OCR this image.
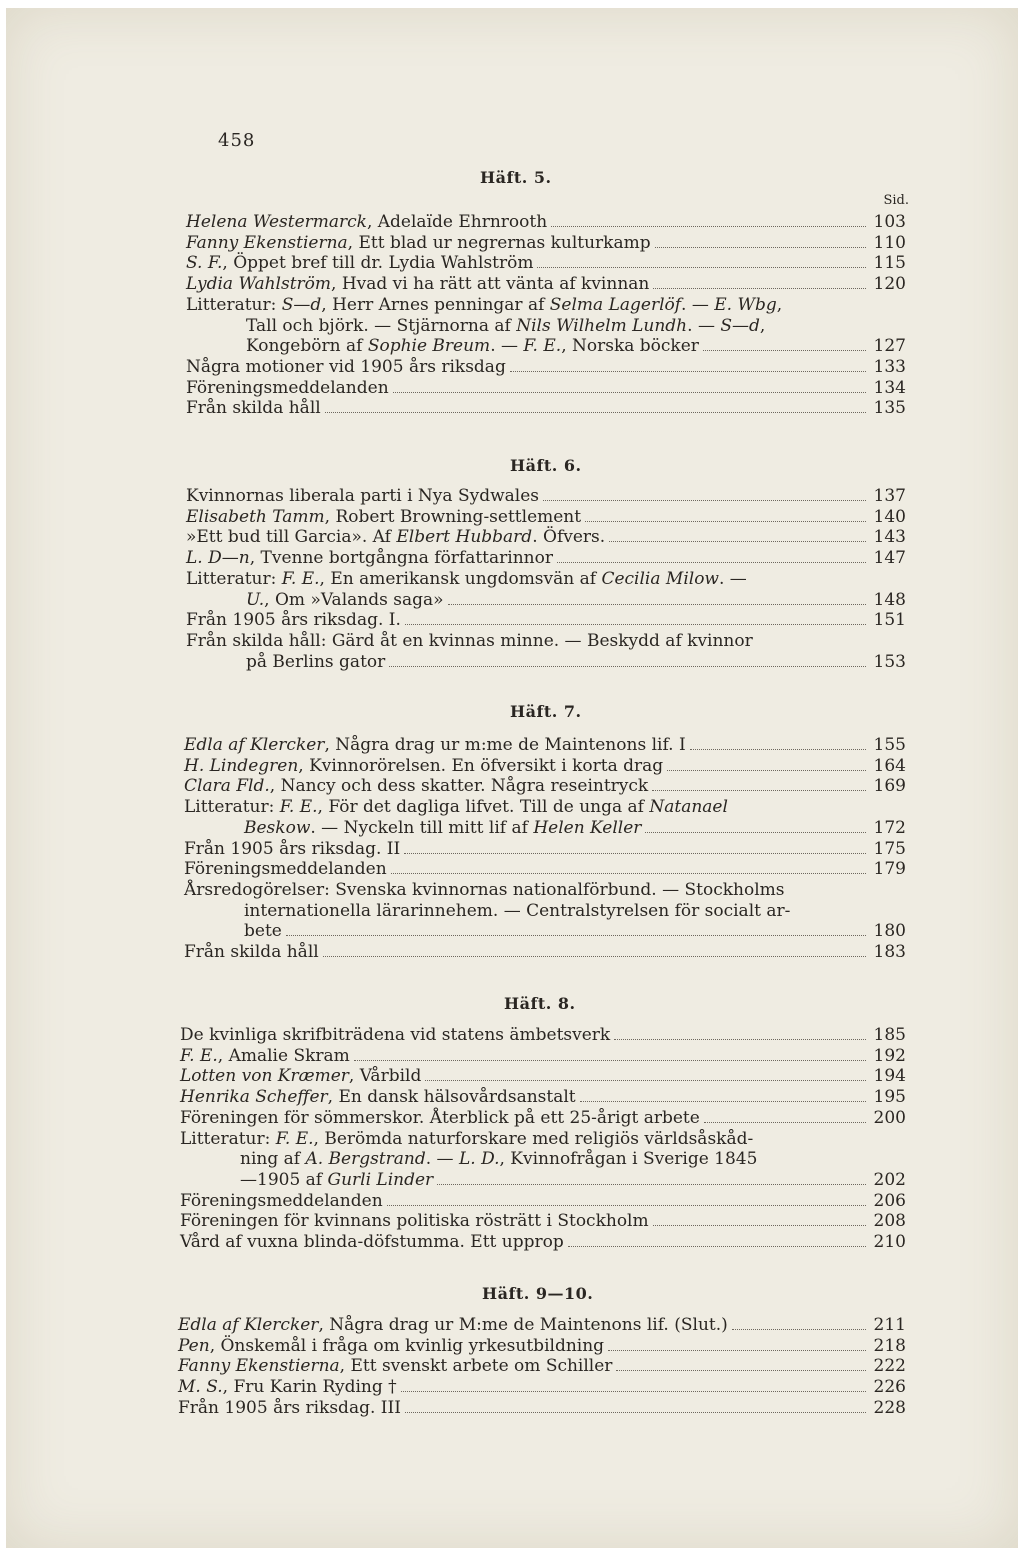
458
Sid.
Häft. 5.
Helena Westermarck, Adelaïde Ehrnrooth	103
Fanny Ekenstierna, Ett blad ur negrernas kulturkamp	110
S. F., Öppet bref till dr. Lydia Wahlström	115
Lydia Wahlström, Hvad vi ha rätt att vänta af kvinnan	120
Litteratur: S—d, Herr Arnes penningar af Selma Lagerlöf. — E. Wbg,
Tall och björk. — Stjärnorna af Nils Wilhelm Lundh. — S—d,
Kongebörn af Sophie Breum. — F. E., Norska böcker	127
Några motioner vid 1905 års riksdag	133
Föreningsmeddelanden	134
Från skilda håll	135
Häft. 6.
Kvinnornas liberala parti i Nya Sydwales	137
Elisabeth Tamm, Robert Browning-settlement	140
»Ett bud till Garcia». Af Elbert Hubbard. Öfvers.	143
L. D—n, Tvenne bortgångna författarinnor	147
Litteratur: F. E., En amerikansk ungdomsvän af Cecilia Milow. —
U., Om »Valands saga»	148
Från 1905 års riksdag. I.	151
Från skilda håll: Gärd åt en kvinnas minne. — Beskydd af kvinnor
på Berlins gator	153
Häft. 7.
Edla af Klercker, Några drag ur m:me de Maintenons lif. I	155
H. Lindegren, Kvinnorörelsen. En öfversikt i korta drag	164
Clara Fld., Nancy och dess skatter. Några reseintryck	169
Litteratur: F. E., För det dagliga lifvet. Till de unga af Natanael
Beskow. — Nyckeln till mitt lif af Helen Keller	172
Från 1905 års riksdag. II	175
Föreningsmeddelanden	179
Årsredogörelser: Svenska kvinnornas nationalförbund. — Stockholms
internationella lärarinnehem. — Centralstyrelsen för socialt ar-
bete	180
Från skilda håll	183
Häft. 8.
De kvinliga skrifbiträdena vid statens ämbetsverk	185
F. E., Amalie Skram	192
Lotten von Kræmer, Vårbild	194
Henrika Scheffer, En dansk hälsovårdsanstalt	195
Föreningen för sömmerskor. Återblick på ett 25-årigt arbete	200
Litteratur: F. E., Berömda naturforskare med religiös världsåskåd-
ning af A. Bergstrand. — L. D., Kvinnofrågan i Sverige 1845
—1905 af Gurli Linder	202
Föreningsmeddelanden	206
Föreningen för kvinnans politiska rösträtt i Stockholm	208
Vård af vuxna blinda-döfstumma. Ett upprop	210
Häft. 9—10.
Edla af Klercker, Några drag ur M:me de Maintenons lif. (Slut.)	211
Pen, Önskemål i fråga om kvinlig yrkesutbildning	218
Fanny Ekenstierna, Ett svenskt arbete om Schiller	222
M. S., Fru Karin Ryding †	226
Från 1905 års riksdag. III	228
